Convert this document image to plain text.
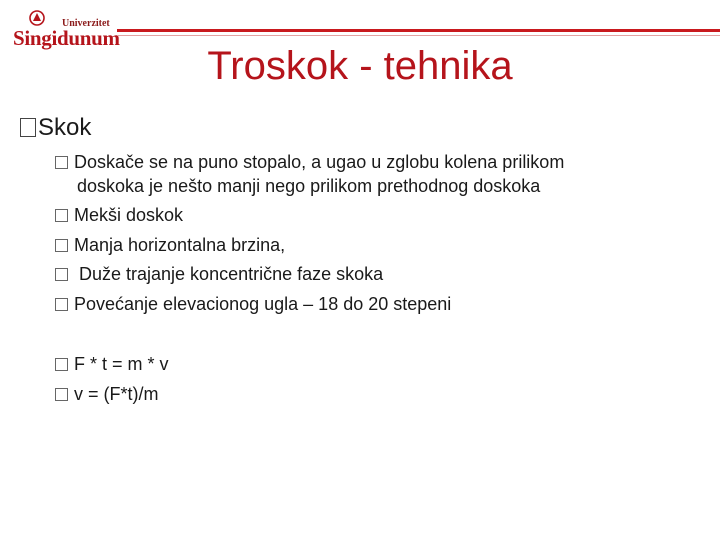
Univerzitet
Singidunum
Troskok - tehnika
Skok
Doskače se na puno stopalo, a ugao u zglobu kolena prilikom
doskoka je nešto manji nego prilikom prethodnog doskoka
Mekši doskok
Manja horizontalna brzina,
Duže trajanje koncentrične faze skoka
Povećanje elevacionog ugla – 18 do 20 stepeni
F * t = m * v
v = (F*t)/m
